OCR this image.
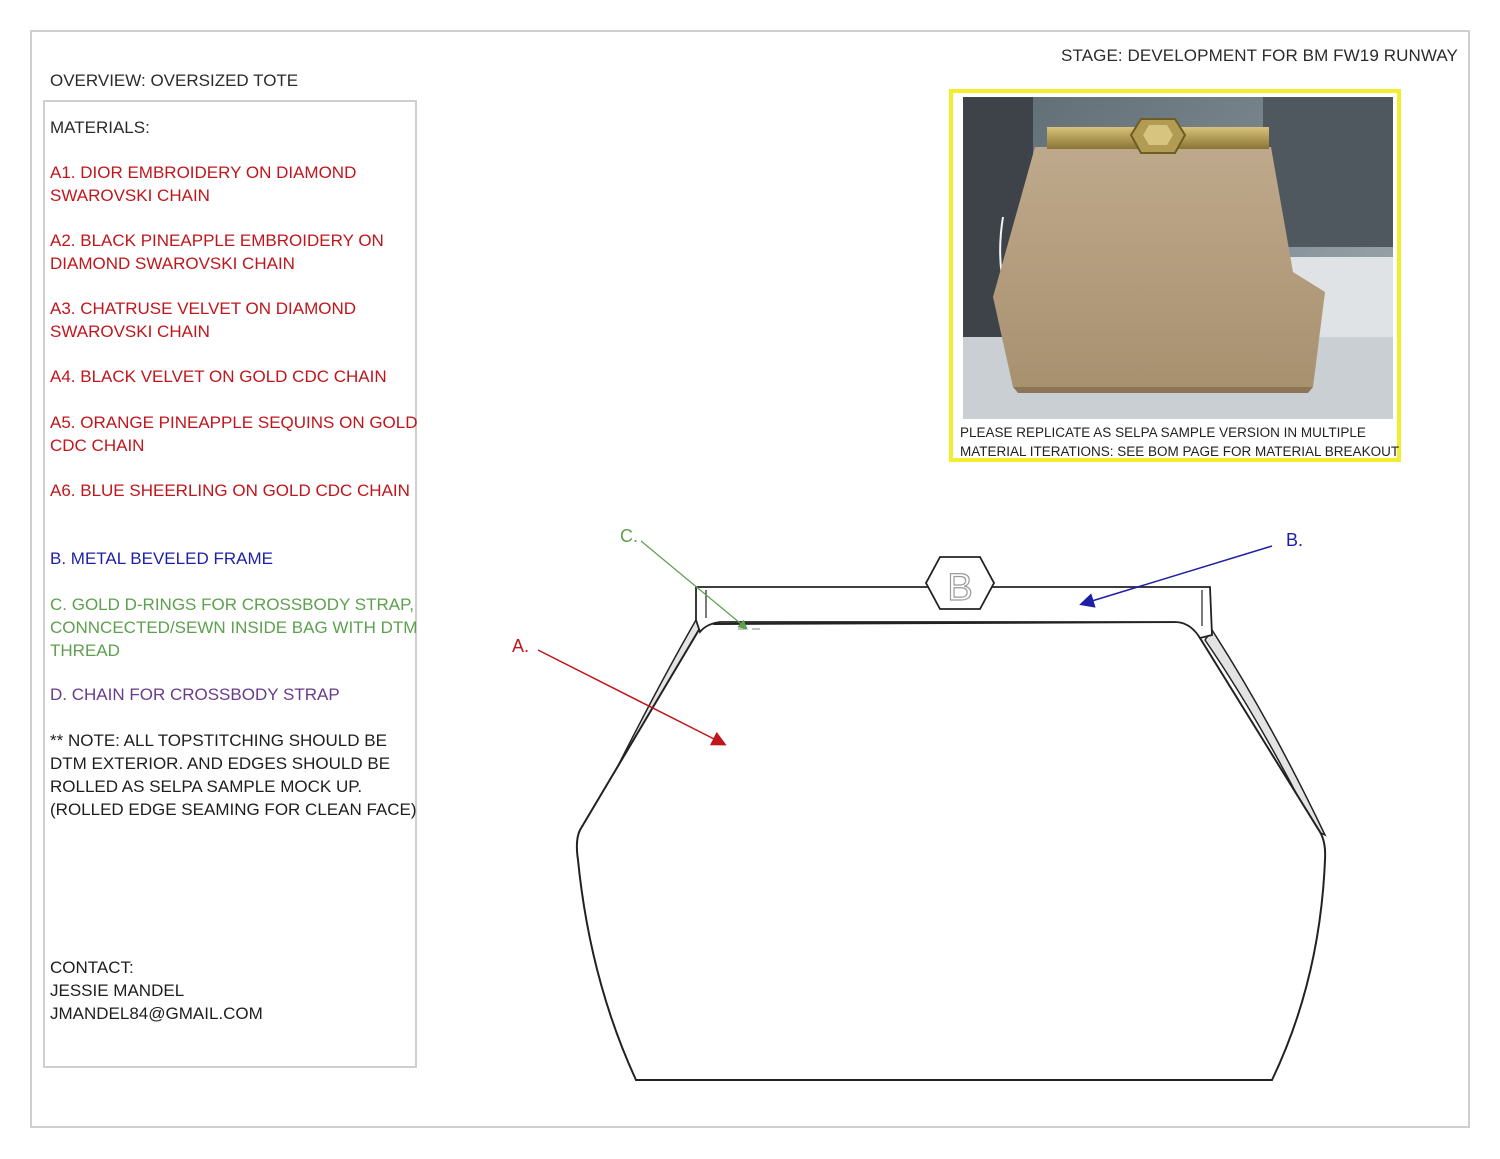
STAGE: DEVELOPMENT FOR BM FW19 RUNWAY
OVERVIEW: OVERSIZED TOTE
MATERIALS:
A1. DIOR EMBROIDERY ON DIAMOND
SWAROVSKI CHAIN
A2. BLACK PINEAPPLE EMBROIDERY ON
DIAMOND SWAROVSKI CHAIN
A3. CHATRUSE VELVET ON DIAMOND
SWAROVSKI CHAIN
A4. BLACK VELVET ON GOLD CDC CHAIN
A5. ORANGE PINEAPPLE SEQUINS ON GOLD
CDC CHAIN
A6. BLUE SHEERLING ON GOLD CDC CHAIN
B. METAL BEVELED FRAME
C. GOLD D-RINGS FOR CROSSBODY STRAP,
CONNCECTED/SEWN INSIDE BAG WITH DTM
THREAD
D. CHAIN FOR CROSSBODY STRAP
** NOTE: ALL TOPSTITCHING SHOULD BE
DTM EXTERIOR. AND EDGES SHOULD BE
ROLLED AS SELPA SAMPLE MOCK UP.
(ROLLED EDGE SEAMING FOR CLEAN FACE)
CONTACT:
JESSIE MANDEL
JMANDEL84@GMAIL.COM
PLEASE REPLICATE AS SELPA SAMPLE VERSION IN MULTIPLE
MATERIAL ITERATIONS: SEE BOM PAGE FOR MATERIAL BREAKOUT
B
A.
B.
C.
